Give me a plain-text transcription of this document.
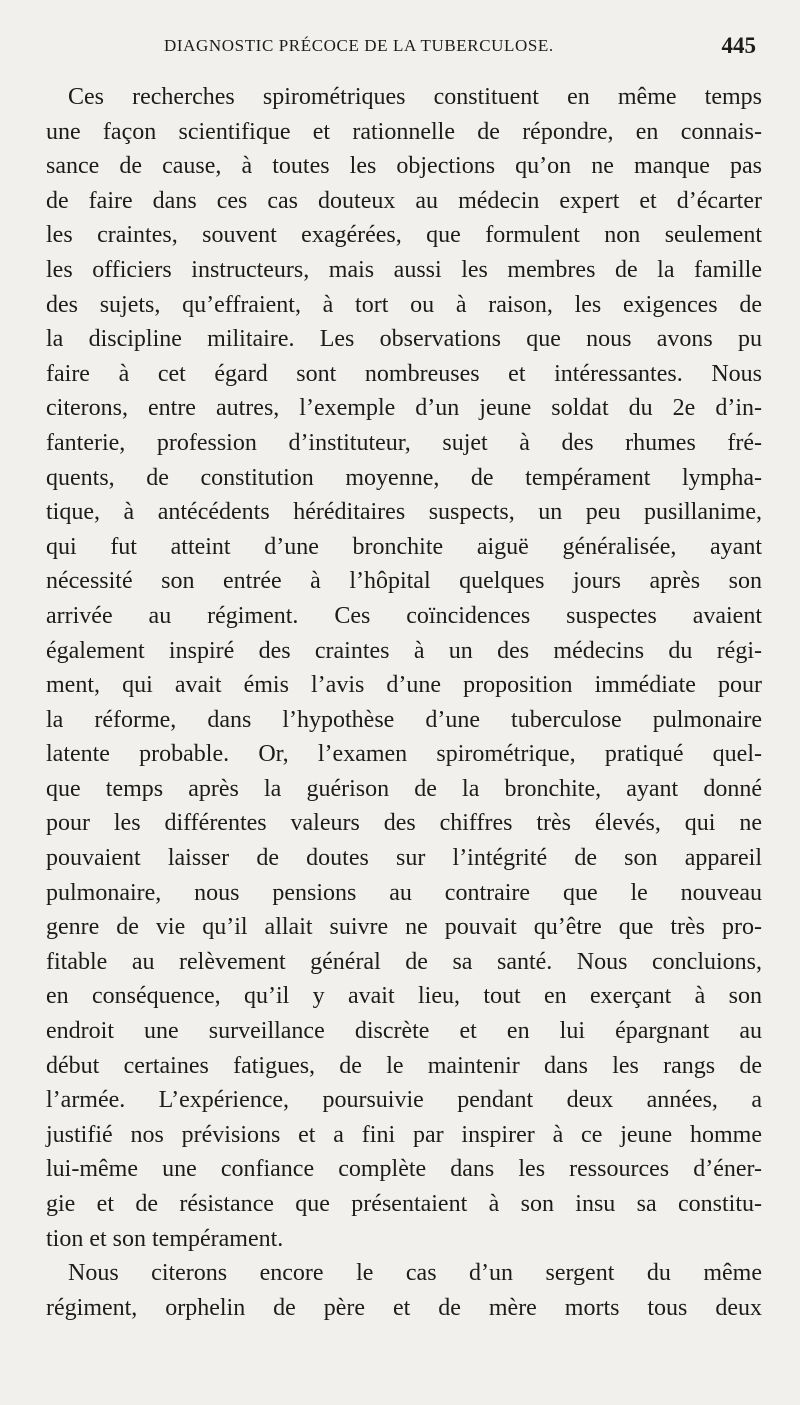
DIAGNOSTIC PRÉCOCE DE LA TUBERCULOSE.	445
Ces recherches spirométriques constituent en même temps
une façon scientifique et rationnelle de répondre, en connais-
sance de cause, à toutes les objections qu’on ne manque pas
de faire dans ces cas douteux au médecin expert et d’écarter
les craintes, souvent exagérées, que formulent non seulement
les officiers instructeurs, mais aussi les membres de la famille
des sujets, qu’effraient, à tort ou à raison, les exigences de
la discipline militaire. Les observations que nous avons pu
faire à cet égard sont nombreuses et intéressantes. Nous
citerons, entre autres, l’exemple d’un jeune soldat du 2e d’in-
fanterie, profession d’instituteur, sujet à des rhumes fré-
quents, de constitution moyenne, de tempérament lympha-
tique, à antécédents héréditaires suspects, un peu pusillanime,
qui fut atteint d’une bronchite aiguë généralisée, ayant
nécessité son entrée à l’hôpital quelques jours après son
arrivée au régiment. Ces coïncidences suspectes avaient
également inspiré des craintes à un des médecins du régi-
ment, qui avait émis l’avis d’une proposition immédiate pour
la réforme, dans l’hypothèse d’une tuberculose pulmonaire
latente probable. Or, l’examen spirométrique, pratiqué quel-
que temps après la guérison de la bronchite, ayant donné
pour les différentes valeurs des chiffres très élevés, qui ne
pouvaient laisser de doutes sur l’intégrité de son appareil
pulmonaire, nous pensions au contraire que le nouveau
genre de vie qu’il allait suivre ne pouvait qu’être que très pro-
fitable au relèvement général de sa santé. Nous concluions,
en conséquence, qu’il y avait lieu, tout en exerçant à son
endroit une surveillance discrète et en lui épargnant au
début certaines fatigues, de le maintenir dans les rangs de
l’armée. L’expérience, poursuivie pendant deux années, a
justifié nos prévisions et a fini par inspirer à ce jeune homme
lui-même une confiance complète dans les ressources d’éner-
gie et de résistance que présentaient à son insu sa constitu-
tion et son tempérament.
Nous citerons encore le cas d’un sergent du même
régiment, orphelin de père et de mère morts tous deux
